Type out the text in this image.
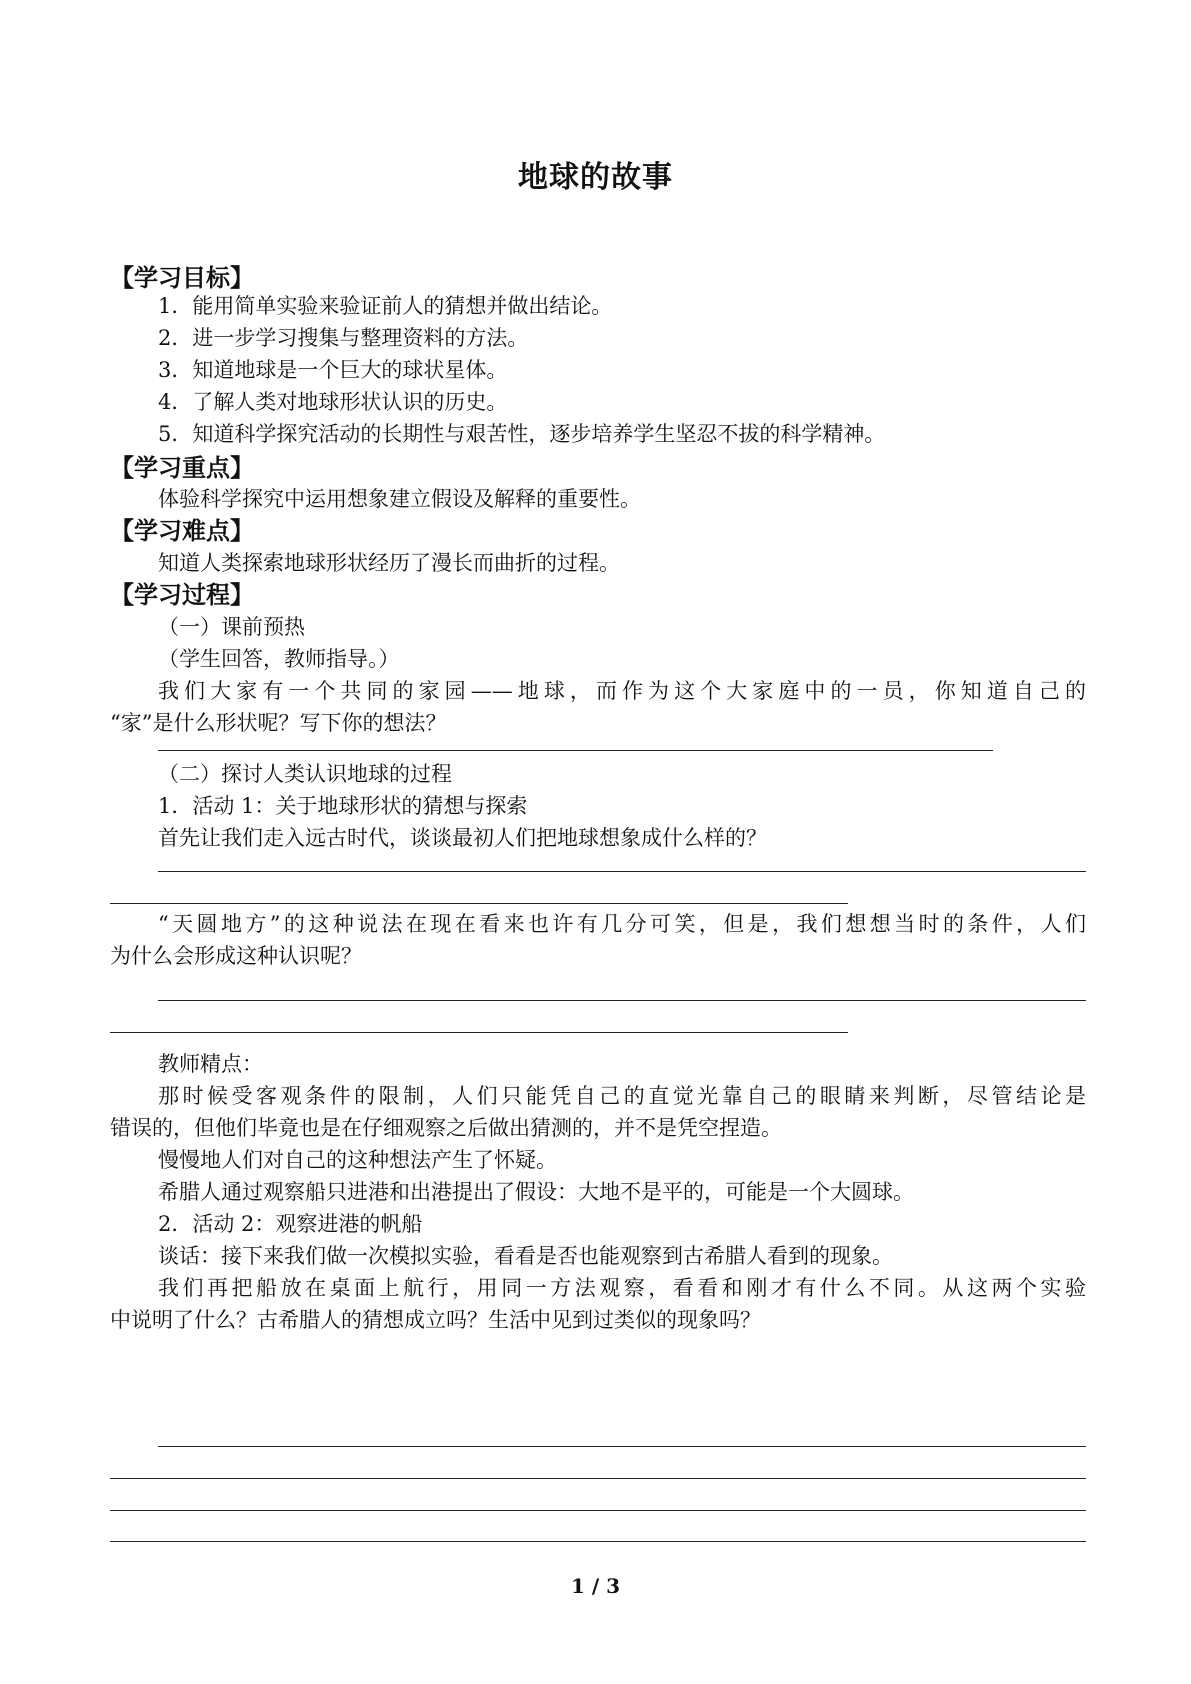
地球的故事
【学习目标】
1．能用简单实验来验证前人的猜想并做出结论。
2．进一步学习搜集与整理资料的方法。
3．知道地球是一个巨大的球状星体。
4．了解人类对地球形状认识的历史。
5．知道科学探究活动的长期性与艰苦性，逐步培养学生坚忍不拔的科学精神。
【学习重点】
体验科学探究中运用想象建立假设及解释的重要性。
【学习难点】
知道人类探索地球形状经历了漫长而曲折的过程。
【学习过程】
（一）课前预热
（学生回答，教师指导。）
我们大家有一个共同的家园——地球，而作为这个大家庭中的一员，你知道自己的
“家”是什么形状呢？写下你的想法？
（二）探讨人类认识地球的过程
1．活动 1：关于地球形状的猜想与探索
首先让我们走入远古时代，谈谈最初人们把地球想象成什么样的？
“天圆地方”的这种说法在现在看来也许有几分可笑，但是，我们想想当时的条件，人们
为什么会形成这种认识呢？
教师精点：
那时候受客观条件的限制，人们只能凭自己的直觉光靠自己的眼睛来判断，尽管结论是
错误的，但他们毕竟也是在仔细观察之后做出猜测的，并不是凭空捏造。
慢慢地人们对自己的这种想法产生了怀疑。
希腊人通过观察船只进港和出港提出了假设：大地不是平的，可能是一个大圆球。
2．活动 2：观察进港的帆船
谈话：接下来我们做一次模拟实验，看看是否也能观察到古希腊人看到的现象。
我们再把船放在桌面上航行，用同一方法观察，看看和刚才有什么不同。从这两个实验
中说明了什么？古希腊人的猜想成立吗？生活中见到过类似的现象吗？
1 / 3
